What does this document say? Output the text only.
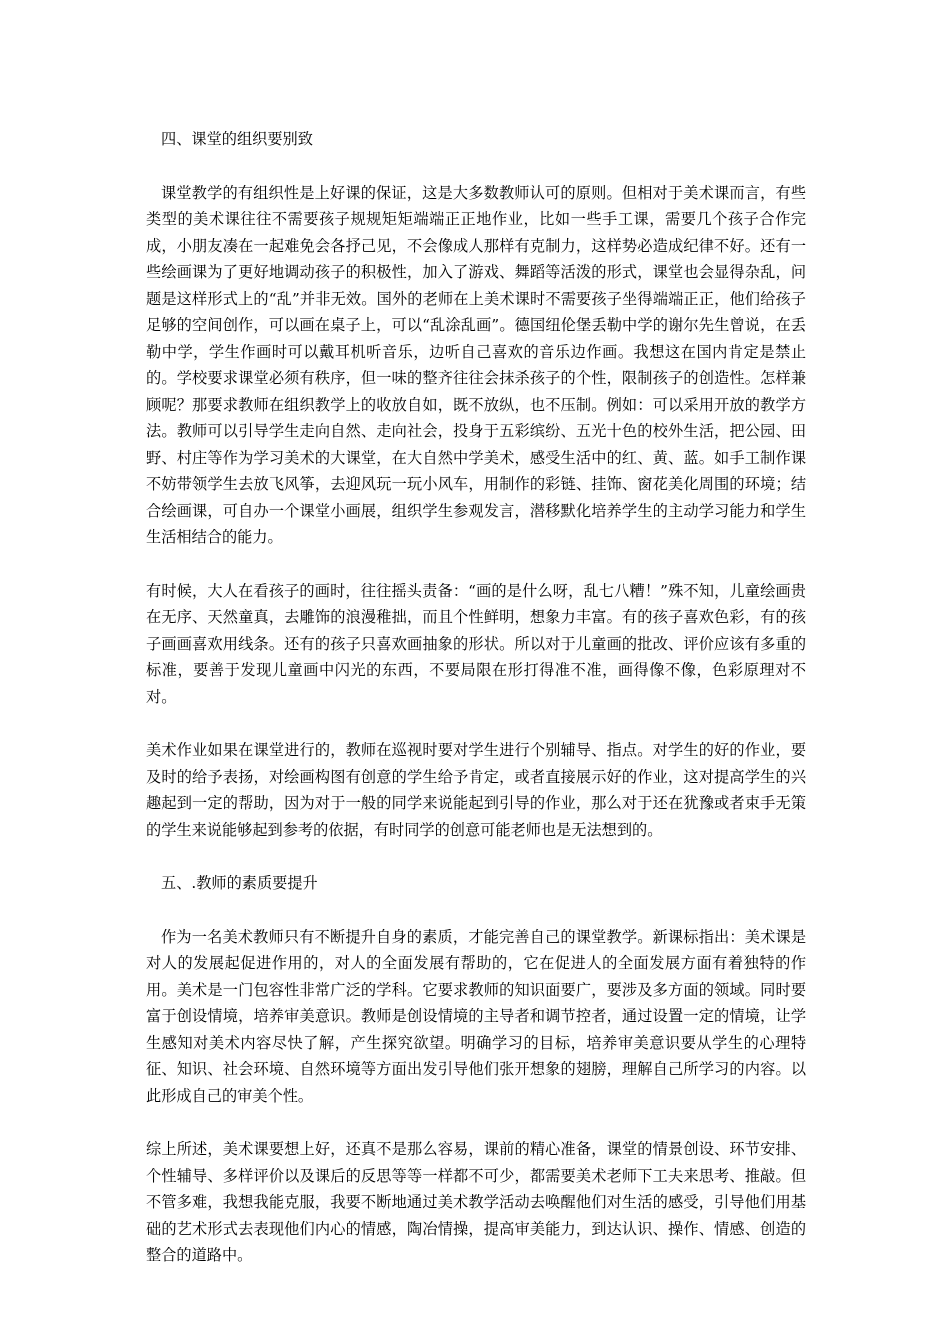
四、课堂的组织要别致

课堂教学的有组织性是上好课的保证，这是大多数教师认可的原则。但相对于美术课而言，有些类型的美术课往往不需要孩子规规矩矩端端正正地作业，比如一些手工课，需要几个孩子合作完成，小朋友凑在一起难免会各抒己见，不会像成人那样有克制力，这样势必造成纪律不好。还有一些绘画课为了更好地调动孩子的积极性，加入了游戏、舞蹈等活泼的形式，课堂也会显得杂乱，问题是这样形式上的“乱”并非无效。国外的老师在上美术课时不需要孩子坐得端端正正，他们给孩子足够的空间创作，可以画在桌子上，可以“乱涂乱画”。德国纽伦堡丢勒中学的谢尔先生曾说，在丢勒中学，学生作画时可以戴耳机听音乐，边听自己喜欢的音乐边作画。我想这在国内肯定是禁止的。学校要求课堂必须有秩序，但一味的整齐往往会抹杀孩子的个性，限制孩子的创造性。怎样兼顾呢？那要求教师在组织教学上的收放自如，既不放纵，也不压制。例如：可以采用开放的教学方法。教师可以引导学生走向自然、走向社会，投身于五彩缤纷、五光十色的校外生活，把公园、田野、村庄等作为学习美术的大课堂，在大自然中学美术，感受生活中的红、黄、蓝。如手工制作课不妨带领学生去放飞风筝，去迎风玩一玩小风车，用制作的彩链、挂饰、窗花美化周围的环境；结合绘画课，可自办一个课堂小画展，组织学生参观发言，潜移默化培养学生的主动学习能力和学生生活相结合的能力。

有时候，大人在看孩子的画时，往往摇头责备：“画的是什么呀，乱七八糟！”殊不知，儿童绘画贵在无序、天然童真，去雕饰的浪漫稚拙，而且个性鲜明，想象力丰富。有的孩子喜欢色彩，有的孩子画画喜欢用线条。还有的孩子只喜欢画抽象的形状。所以对于儿童画的批改、评价应该有多重的标准，要善于发现儿童画中闪光的东西，不要局限在形打得准不准，画得像不像，色彩原理对不对。

美术作业如果在课堂进行的，教师在巡视时要对学生进行个别辅导、指点。对学生的好的作业，要及时的给予表扬，对绘画构图有创意的学生给予肯定，或者直接展示好的作业，这对提高学生的兴趣起到一定的帮助，因为对于一般的同学来说能起到引导的作业，那么对于还在犹豫或者束手无策的学生来说能够起到参考的依据，有时同学的创意可能老师也是无法想到的。

五、.教师的素质要提升

作为一名美术教师只有不断提升自身的素质，才能完善自己的课堂教学。新课标指出：美术课是对人的发展起促进作用的，对人的全面发展有帮助的，它在促进人的全面发展方面有着独特的作用。美术是一门包容性非常广泛的学科。它要求教师的知识面要广，要涉及多方面的领域。同时要富于创设情境，培养审美意识。教师是创设情境的主导者和调节控者，通过设置一定的情境，让学生感知对美术内容尽快了解，产生探究欲望。明确学习的目标，培养审美意识要从学生的心理特征、知识、社会环境、自然环境等方面出发引导他们张开想象的翅膀，理解自己所学习的内容。以此形成自己的审美个性。

综上所述，美术课要想上好，还真不是那么容易，课前的精心准备，课堂的情景创设、环节安排、个性辅导、多样评价以及课后的反思等等一样都不可少，都需要美术老师下工夫来思考、推敲。但不管多难，我想我能克服，我要不断地通过美术教学活动去唤醒他们对生活的感受，引导他们用基础的艺术形式去表现他们内心的情感，陶冶情操，提高审美能力，到达认识、操作、情感、创造的整合的道路中。
